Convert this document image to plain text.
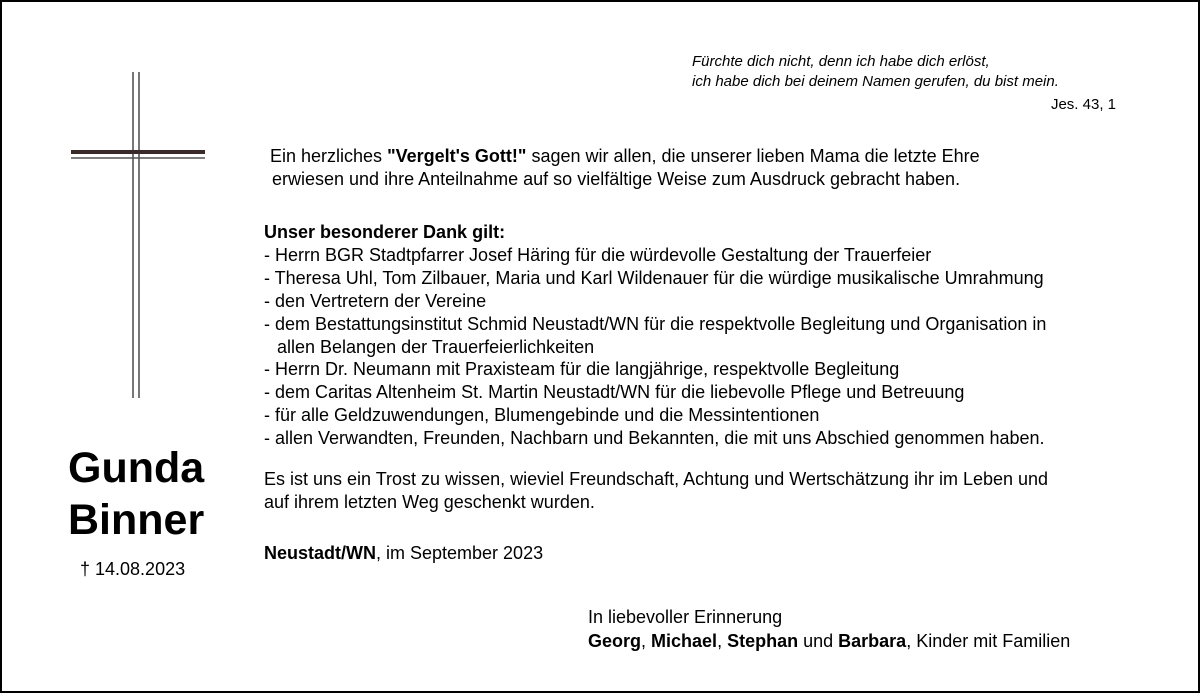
Fürchte dich nicht, denn ich habe dich erlöst,
ich habe dich bei deinem Namen gerufen, du bist mein.
Jes. 43, 1
Ein herzliches "Vergelt's Gott!" sagen wir allen, die unserer lieben Mama die letzte Ehre
erwiesen und ihre Anteilnahme auf so vielfältige Weise zum Ausdruck gebracht haben.
Unser besonderer Dank gilt:
- Herrn BGR Stadtpfarrer Josef Häring für die würdevolle Gestaltung der Trauerfeier
- Theresa Uhl, Tom Zilbauer, Maria und Karl Wildenauer für die würdige musikalische Umrahmung
- den Vertretern der Vereine
- dem Bestattungsinstitut Schmid Neustadt/WN für die respektvolle Begleitung und Organisation in
allen Belangen der Trauerfeierlichkeiten
- Herrn Dr. Neumann mit Praxisteam für die langjährige, respektvolle Begleitung
- dem Caritas Altenheim St. Martin Neustadt/WN für die liebevolle Pflege und Betreuung
- für alle Geldzuwendungen, Blumengebinde und die Messintentionen
- allen Verwandten, Freunden, Nachbarn und Bekannten, die mit uns Abschied genommen haben.
Es ist uns ein Trost zu wissen, wieviel Freundschaft, Achtung und Wertschätzung ihr im Leben und
auf ihrem letzten Weg geschenkt wurden.
Neustadt/WN, im September 2023
In liebevoller Erinnerung
Georg, Michael, Stephan und Barbara, Kinder mit Familien
Gunda
Binner
† 14.08.2023
